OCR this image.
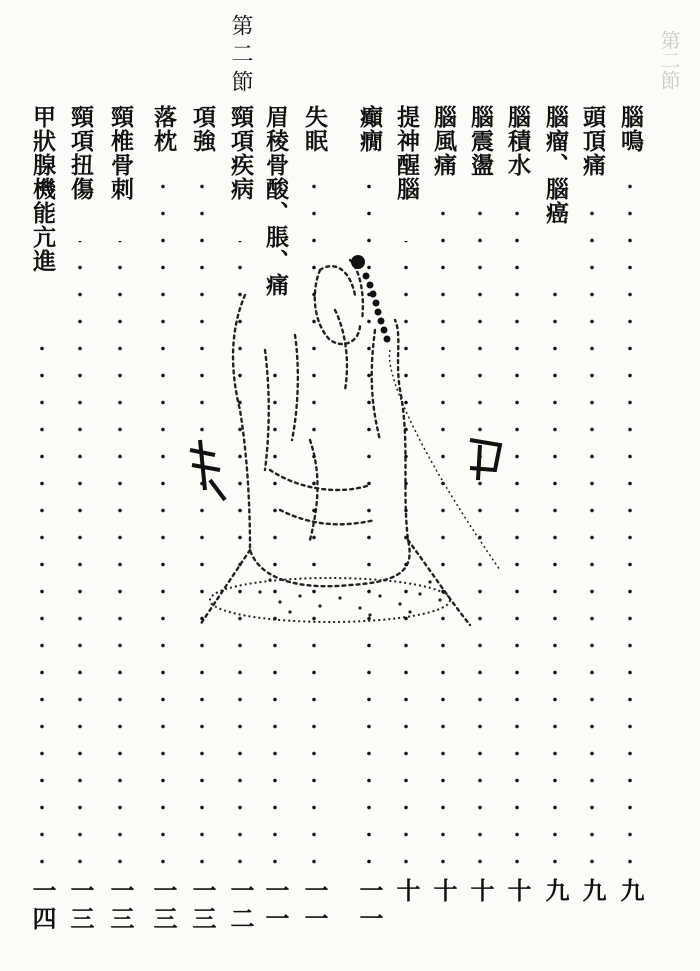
第二節
第二節
腦鳴
九
頭頂痛
九
腦瘤、腦癌
九
腦積水
十
腦震盪
十
腦風痛
十
提神醒腦
十
癲癇
一一
失眠
一一
眉稜骨酸、脹、痛
一一
頸項疾病
一二
項強
一三
落枕
一三
頸椎骨刺
一三
頸項扭傷
一三
甲狀腺機能亢進
一四
